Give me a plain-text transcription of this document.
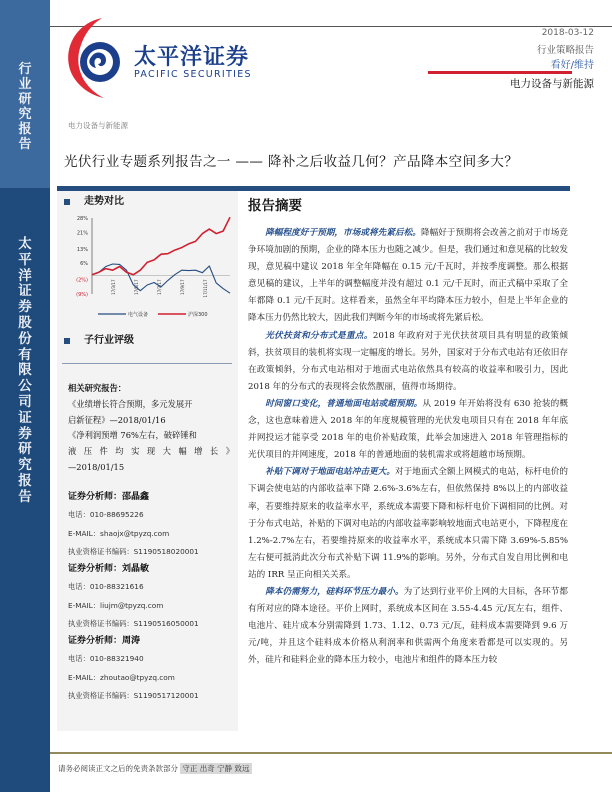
行
业
研
究
报
告
太
平
洋
证
券
股
份
有
限
公
司
证
券
研
究
报
告
太平洋证券
PACIFIC SECURITIES
2018-03-12
行业策略报告
看好/维持
电力设备与新能源
电力设备与新能源
光伏行业专题系列报告之一 —— 降补之后收益几何？产品降本空间多大？
走势对比
28%
21%
13%
6%
(2%)
(9%)
17/3/17	17/5/17	17/7/17	17/9/17	17/11/17
电气设备	沪深300
子行业评级
相关研究报告：
《业绩增长符合预期，多元发展开
启新征程》—2018/01/16
《净利润预增 76%左右，破碎锤和
液压件均实现大幅增长》
—2018/01/15
证券分析师：邵晶鑫
电话：010-88695226
E-MAIL：shaojx@tpyzq.com
执业资格证书编码：S1190518020001
证券分析师：刘晶敏
电话：010-88321616
E-MAIL：liujm@tpyzq.com
执业资格证书编码：S1190516050001
证券分析师：周涛
电话：010-88321940
E-MAIL：zhoutao@tpyzq.com
执业资格证书编码：S1190517120001
报告摘要

降幅程度好于预期，市场或将先紧后松。降幅好于预期将会改善之前对于市场竞争环境加剧的预期，企业的降本压力也随之减少。但是，我们通过和意见稿的比较发现，意见稿中建议 2018 年全年降幅在 0.15 元/千瓦时，并按季度调整。那么根据意见稿的建议，上半年的调整幅度并没有超过 0.1 元/千瓦时，而正式稿中采取了全年都降 0.1 元/千瓦时。这样看来，虽然全年平均降本压力较小，但是上半年企业的降本压力仍然比较大，因此我们判断今年的市场或将先紧后松。

光伏扶贫和分布式是重点。2018 年政府对于光伏扶贫项目具有明显的政策倾斜，扶贫项目的装机将实现一定幅度的增长。另外，国家对于分布式电站有还依旧存在政策倾斜，分布式电站相对于地面式电站依然具有较高的收益率和吸引力，因此 2018 年的分布式的表现将会依然靓丽，值得市场期待。

时间窗口变化，普通地面电站或超预期。从 2019 年开始将没有 630 抢装的概念，这也意味着进入 2018 年的年度规模管理的光伏发电项目只有在 2018 年年底并网投运才能享受 2018 年的电价补贴政策，此举会加速进入 2018 年管理指标的光伏项目的并网速度，2018 年的普通地面的装机需求或将超越市场预期。

补贴下调对于地面电站冲击更大。对于地面式全额上网模式的电站，标杆电价的下调会使电站的内部收益率下降 2.6%-3.6%左右，但依然保持 8%以上的内部收益率，若要维持原来的收益率水平，系统成本需要下降和标杆电价下调相同的比例。对于分布式电站，补贴的下调对电站的内部收益率影响较地面式电站更小，下降程度在 1.2%-2.7%左右，若要维持原来的收益率水平，系统成本只需下降 3.69%-5.85%左右便可抵消此次分布式补贴下调 11.9%的影响。另外，分布式自发自用比例和电站的 IRR 呈正向相关关系。

降本仍需努力，硅料环节压力最小。为了达到行业平价上网的大目标，各环节都有所对应的降本途径。平价上网时，系统成本区间在 3.55-4.45 元/瓦左右，组件、电池片、硅片成本分别需降到 1.73、1.12、0.73 元/瓦，硅料成本需要降到 9.6 万元/吨，并且这个硅料成本价格从利润率和供需两个角度来看都是可以实现的。另外，硅片和硅料企业的降本压力较小，电池片和组件的降本压力较

请务必阅读正文之后的免责条款部分 守正 出奇 宁静 致远
